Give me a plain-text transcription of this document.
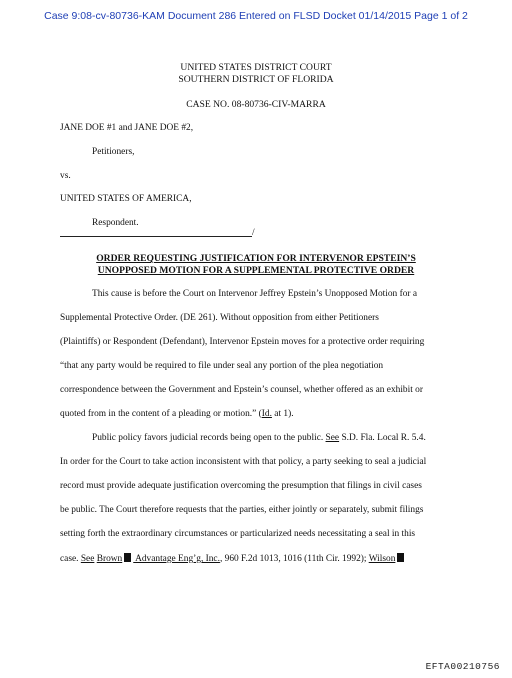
Case 9:08-cv-80736-KAM Document 286 Entered on FLSD Docket 01/14/2015 Page 1 of 2
UNITED STATES DISTRICT COURT
SOUTHERN DISTRICT OF FLORIDA
CASE NO. 08-80736-CIV-MARRA
JANE DOE #1 and JANE DOE #2,
Petitioners,
vs.
UNITED STATES OF AMERICA,
Respondent.
/
ORDER REQUESTING JUSTIFICATION FOR INTERVENOR EPSTEIN’S
UNOPPOSED MOTION FOR A SUPPLEMENTAL PROTECTIVE ORDER
This cause is before the Court on Intervenor Jeffrey Epstein’s Unopposed Motion for a
Supplemental Protective Order. (DE 261). Without opposition from either Petitioners
(Plaintiffs) or Respondent (Defendant), Intervenor Epstein moves for a protective order requiring
“that any party would be required to file under seal any portion of the plea negotiation
correspondence between the Government and Epstein’s counsel, whether offered as an exhibit or
quoted from in the content of a pleading or motion.” (Id. at 1).
Public policy favors judicial records being open to the public. See S.D. Fla. Local R. 5.4.
In order for the Court to take action inconsistent with that policy, a party seeking to seal a judicial
record must provide adequate justification overcoming the presumption that filings in civil cases
be public. The Court therefore requests that the parties, either jointly or separately, submit filings
setting forth the extraordinary circumstances or particularized needs necessitating a seal in this
case. See Brown Advantage Eng’g, Inc., 960 F.2d 1013, 1016 (11th Cir. 1992); Wilson
EFTA00210756
